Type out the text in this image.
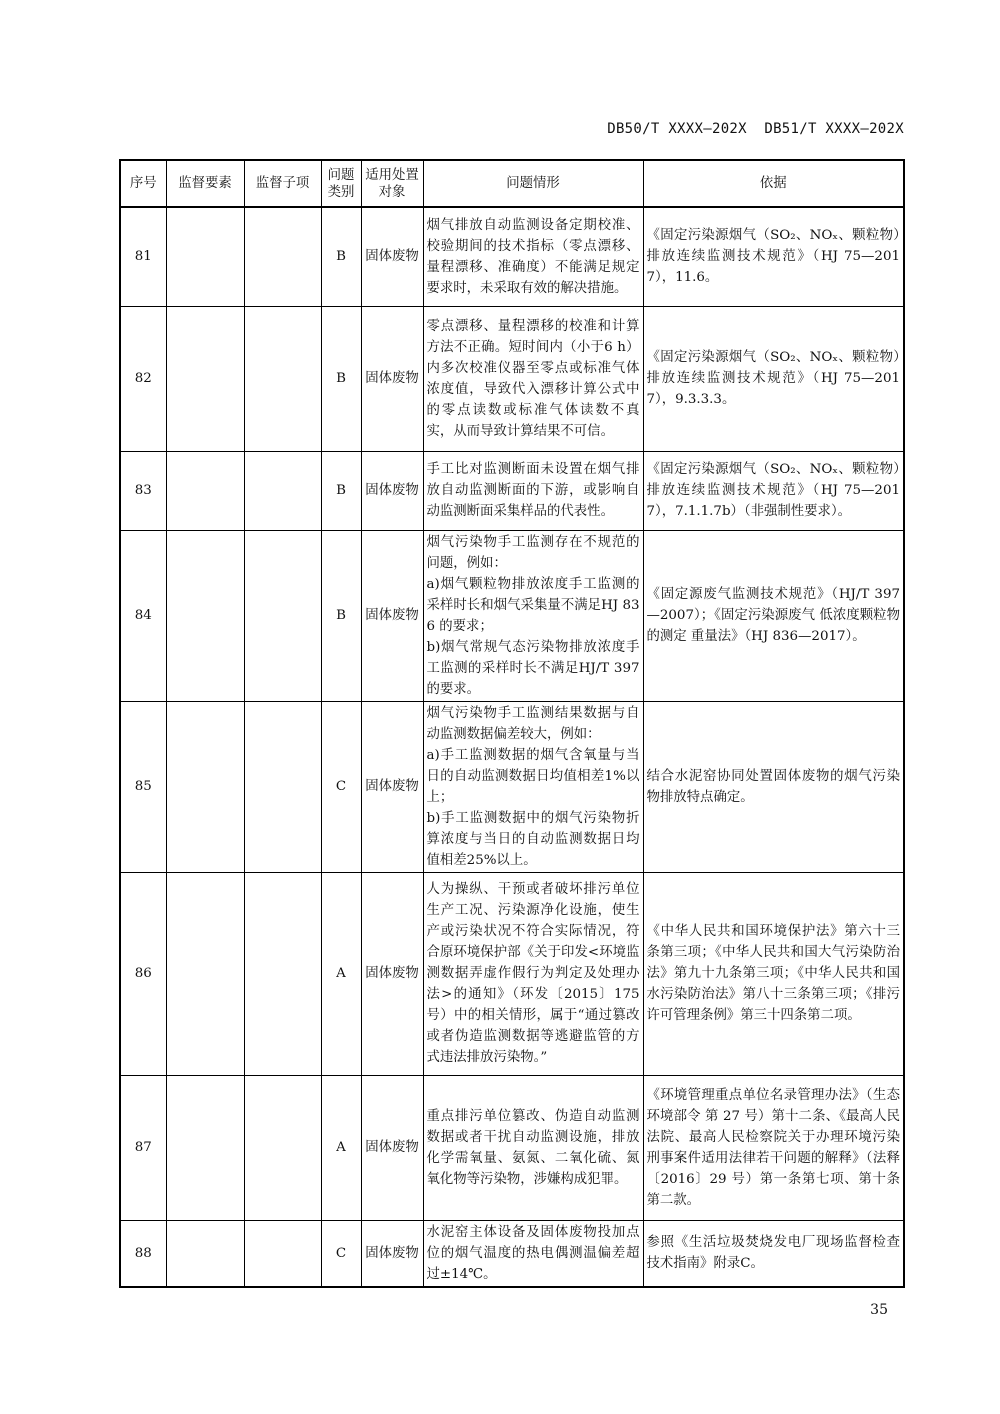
DB50/T XXXX—202X  DB51/T XXXX—202X
序号	监督要素	监督子项	问题类别	适用处置对象	问题情形	依据
81			B	固体废物	烟气排放自动监测设备定期校准、校验期间的技术指标（零点漂移、量程漂移、准确度）不能满足规定要求时，未采取有效的解决措施。	《固定污染源烟气（SO₂、NOₓ、颗粒物）排放连续监测技术规范》（HJ 75—2017），11.6。
82			B	固体废物	零点漂移、量程漂移的校准和计算方法不正确。短时间内（小于6 h）内多次校准仪器至零点或标准气体浓度值，导致代入漂移计算公式中的零点读数或标准气体读数不真实，从而导致计算结果不可信。	《固定污染源烟气（SO₂、NOₓ、颗粒物）排放连续监测技术规范》（HJ 75—2017），9.3.3.3。
83			B	固体废物	手工比对监测断面未设置在烟气排放自动监测断面的下游，或影响自动监测断面采集样品的代表性。	《固定污染源烟气（SO₂、NOₓ、颗粒物）排放连续监测技术规范》（HJ 75—2017），7.1.1.7b）（非强制性要求）。
84			B	固体废物	烟气污染物手工监测存在不规范的问题，例如：
a)烟气颗粒物排放浓度手工监测的采样时长和烟气采集量不满足HJ 836 的要求；
b)烟气常规气态污染物排放浓度手工监测的采样时长不满足HJ/T 397 的要求。	《固定源废气监测技术规范》（HJ/T 397—2007）；《固定污染源废气 低浓度颗粒物的测定 重量法》（HJ 836—2017）。
85			C	固体废物	烟气污染物手工监测结果数据与自动监测数据偏差较大，例如：
a)手工监测数据的烟气含氧量与当日的自动监测数据日均值相差1%以上；
b)手工监测数据中的烟气污染物折算浓度与当日的自动监测数据日均值相差25%以上。	结合水泥窑协同处置固体废物的烟气污染物排放特点确定。
86			A	固体废物	人为操纵、干预或者破坏排污单位生产工况、污染源净化设施，使生产或污染状况不符合实际情况，符合原环境保护部《关于印发<环境监测数据弄虚作假行为判定及处理办法>的通知》（环发〔2015〕175 号）中的相关情形，属于“通过篡改或者伪造监测数据等逃避监管的方式违法排放污染物。”	《中华人民共和国环境保护法》第六十三条第三项；《中华人民共和国大气污染防治法》第九十九条第三项；《中华人民共和国水污染防治法》第八十三条第三项；《排污许可管理条例》第三十四条第二项。
87			A	固体废物	重点排污单位篡改、伪造自动监测数据或者干扰自动监测设施，排放化学需氧量、氨氮、二氧化硫、氮氧化物等污染物，涉嫌构成犯罪。	《环境管理重点单位名录管理办法》（生态环境部令 第 27 号）第十二条、《最高人民法院、最高人民检察院关于办理环境污染刑事案件适用法律若干问题的解释》（法释〔2016〕29 号）第一条第七项、第十条第二款。
88			C	固体废物	水泥窑主体设备及固体废物投加点位的烟气温度的热电偶测温偏差超过±14℃。	参照《生活垃圾焚烧发电厂现场监督检查技术指南》附录C。
35
